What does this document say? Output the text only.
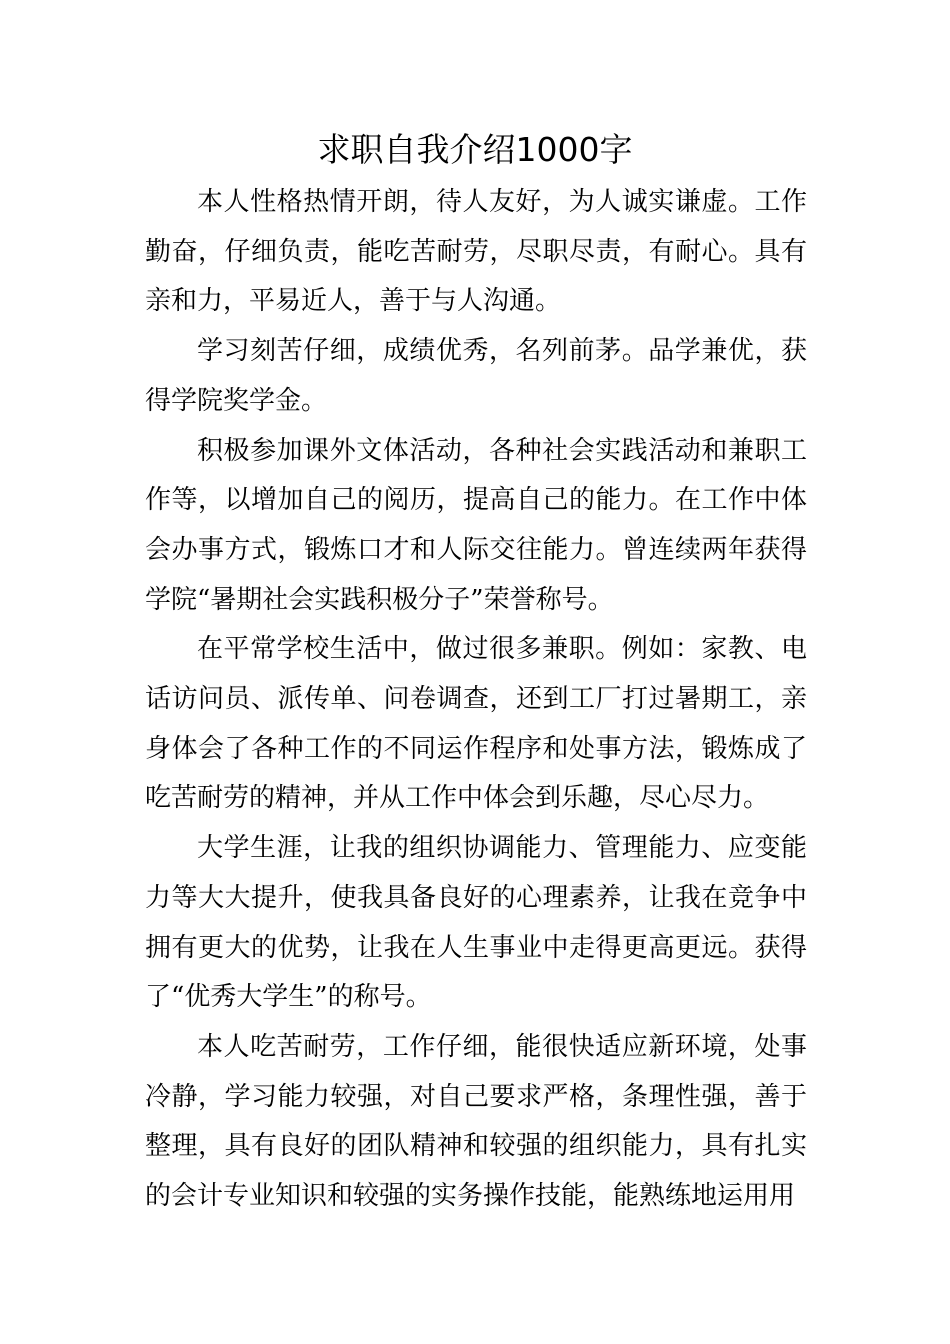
求职自我介绍1000字

本人性格热情开朗，待人友好，为人诚实谦虚。工作勤奋，仔细负责，能吃苦耐劳，尽职尽责，有耐心。具有亲和力，平易近人，善于与人沟通。

学习刻苦仔细，成绩优秀，名列前茅。品学兼优，获得学院奖学金。

积极参加课外文体活动，各种社会实践活动和兼职工作等，以增加自己的阅历，提高自己的能力。在工作中体会办事方式，锻炼口才和人际交往能力。曾连续两年获得学院“暑期社会实践积极分子”荣誉称号。

在平常学校生活中，做过很多兼职。例如：家教、电话访问员、派传单、问卷调查，还到工厂打过暑期工，亲身体会了各种工作的不同运作程序和处事方法，锻炼成了吃苦耐劳的精神，并从工作中体会到乐趣，尽心尽力。

大学生涯，让我的组织协调能力、管理能力、应变能力等大大提升，使我具备良好的心理素养，让我在竞争中拥有更大的优势，让我在人生事业中走得更高更远。获得了“优秀大学生”的称号。

本人吃苦耐劳，工作仔细，能很快适应新环境，处事冷静，学习能力较强，对自己要求严格，条理性强，善于整理，具有良好的团队精神和较强的组织能力，具有扎实的会计专业知识和较强的实务操作技能，能熟练地运用用
